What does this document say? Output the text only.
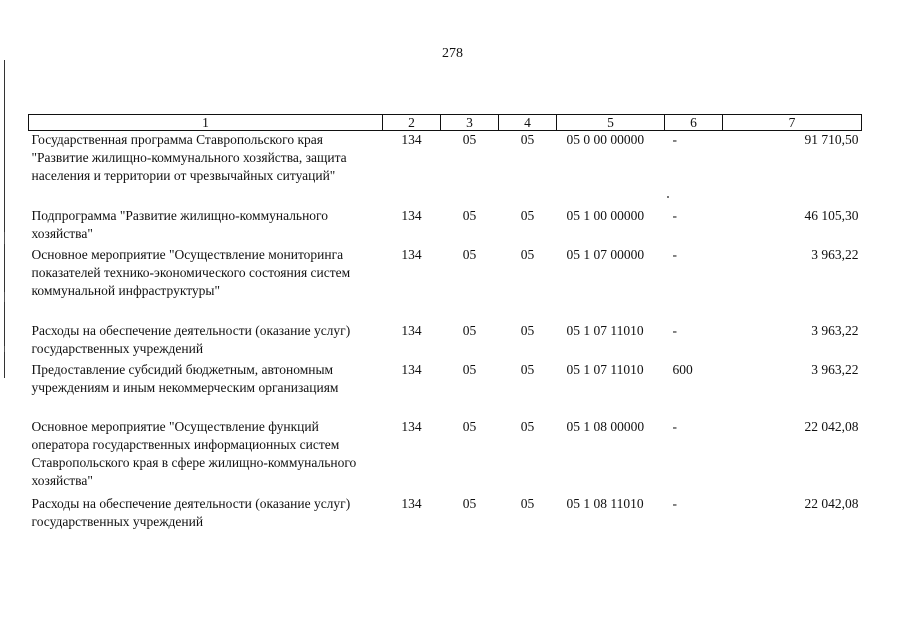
278
1	2	3	4	5	6	7
Государственная программа Ставропольского края "Развитие жилищно-коммунального хозяйства, защита населения и территории от чрезвычайных ситуаций"	134	05	05	05 0 00 00000	-	91 710,50
Подпрограмма "Развитие жилищно-коммунального хозяйства"	134	05	05	05 1 00 00000	-	46 105,30
Основное мероприятие "Осуществление мониторинга показателей технико-экономического состояния систем коммунальной инфраструктуры"	134	05	05	05 1 07 00000	-	3 963,22
Расходы на обеспечение деятельности (оказание услуг) государственных учреждений	134	05	05	05 1 07 11010	-	3 963,22
Предоставление субсидий бюджетным, автономным учреждениям и иным некоммерческим организациям	134	05	05	05 1 07 11010	600	3 963,22
Основное мероприятие "Осуществление функций оператора государственных информационных систем Ставропольского края в сфере жилищно-коммунального хозяйства"	134	05	05	05 1 08 00000	-	22 042,08
Расходы на обеспечение деятельности (оказание услуг) государственных учреждений	134	05	05	05 1 08 11010	-	22 042,08
